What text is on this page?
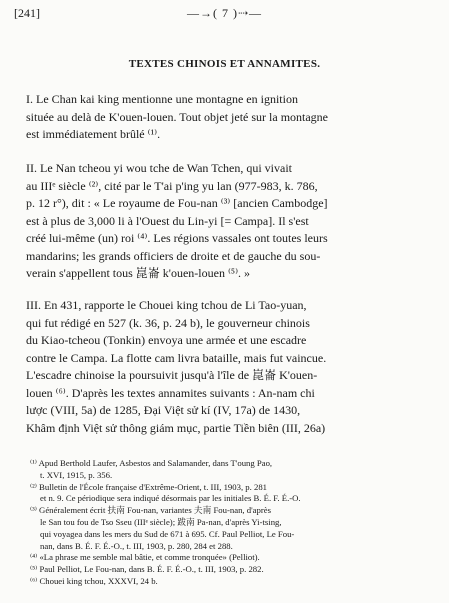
[241]	—→( 7 )⇢—
TEXTES CHINOIS ET ANNAMITES.
I. Le Chan kai king mentionne une montagne en ignition
située au delà de K'ouen-louen. Tout objet jeté sur la montagne
est immédiatement brûlé ⁽¹⁾.
II. Le Nan tcheou yi wou tche de Wan Tchen, qui vivait
au IIIᵉ siècle ⁽²⁾, cité par le T'ai p'ing yu lan (977-983, k. 786,
p. 12 r°), dit : « Le royaume de Fou-nan ⁽³⁾ [ancien Cambodge]
est à plus de 3,000 li à l'Ouest du Lin-yi [= Campa]. Il s'est
créé lui-même (un) roi ⁽⁴⁾. Les régions vassales ont toutes leurs
mandarins; les grands officiers de droite et de gauche du sou-
verain s'appellent tous 崑崙 k'ouen-louen ⁽⁵⁾. »
III. En 431, rapporte le Chouei king tchou de Li Tao-yuan,
qui fut rédigé en 527 (k. 36, p. 24 b), le gouverneur chinois
du Kiao-tcheou (Tonkin) envoya une armée et une escadre
contre le Campa. La flotte cam livra bataille, mais fut vaincue.
L'escadre chinoise la poursuivit jusqu'à l'île de 崑崙 K'ouen-
louen ⁽⁶⁾. D'après les textes annamites suivants : An-nam chi
lược (VIII, 5a) de 1285, Đại Việt sử kí (IV, 17a) de 1430,
Khâm định Việt sử thông giám mục, partie Tiền biên (III, 26a)
⁽¹⁾ Apud Berthold Laufer, Asbestos and Salamander, dans T'oung Pao,
t. XVI, 1915, p. 356.
⁽²⁾ Bulletin de l'École française d'Extrême-Orient, t. III, 1903, p. 281
et n. 9. Ce périodique sera indiqué désormais par les initiales B. É. F. É.-O.
⁽³⁾ Généralement écrit 扶南 Fou-nan, variantes 夫南 Fou-nan, d'après
le San tou fou de Tso Sseu (IIIᵉ siècle); 跋南 Pa-nan, d'après Yi-tsing,
qui voyagea dans les mers du Sud de 671 à 695. Cf. Paul Pelliot, Le Fou-
nan, dans B. É. F. É.-O., t. III, 1903, p. 280, 284 et 288.
⁽⁴⁾ «La phrase me semble mal bâtie, et comme tronquée» (Pelliot).
⁽⁵⁾ Paul Pelliot, Le Fou-nan, dans B. É. F. É.-O., t. III, 1903, p. 282.
⁽⁶⁾ Chouei king tchou, XXXVI, 24 b.
